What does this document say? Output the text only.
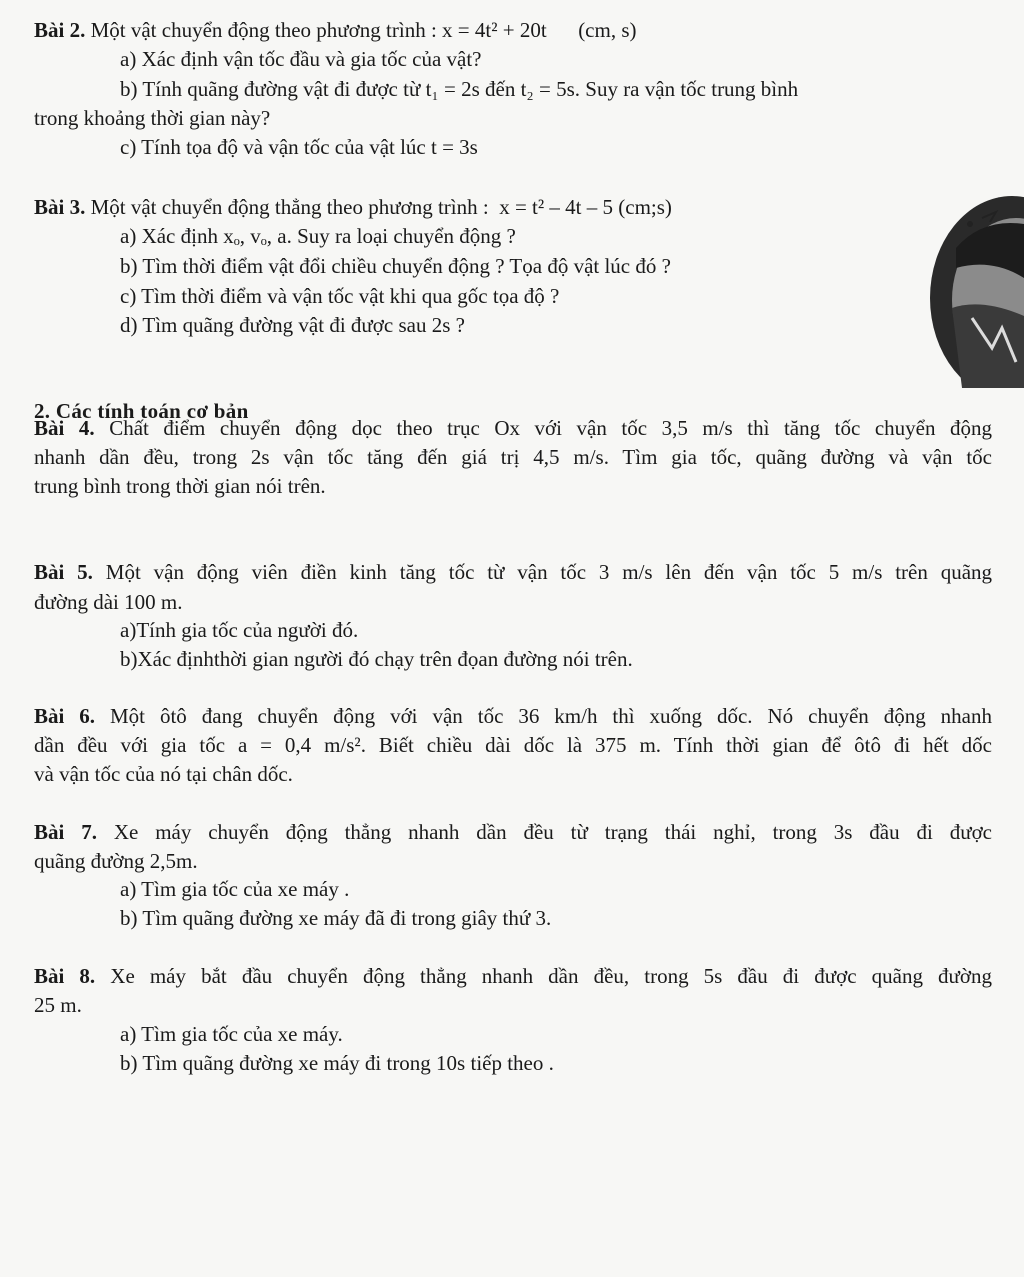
Bài 2. Một vật chuyển động theo phương trình : x = 4t² + 20t      (cm, s)
a) Xác định vận tốc đầu và gia tốc của vật?
b) Tính quãng đường vật đi được từ t₁ = 2s đến t₂ = 5s. Suy ra vận tốc trung bình
trong khoảng thời gian này?
c) Tính tọa độ và vận tốc của vật lúc t = 3s
Bài 3. Một vật chuyển động thẳng theo phương trình :  x = t² – 4t – 5 (cm;s)
a) Xác định xₒ, vₒ, a. Suy ra loại chuyển động ?
b) Tìm thời điểm vật đổi chiều chuyển động ? Tọa độ vật lúc đó ?
c) Tìm thời điểm và vận tốc vật khi qua gốc tọa độ ?
d) Tìm quãng đường vật đi được sau 2s ?
2. Các tính toán cơ bản
Bài 4. Chất điểm chuyển động dọc theo trục Ox với vận tốc 3,5 m/s thì tăng tốc chuyển động
nhanh dần đều, trong 2s vận tốc tăng đến giá trị 4,5 m/s. Tìm gia tốc, quãng đường và vận tốc
trung bình trong thời gian nói trên.
Bài 5. Một vận động viên điền kinh tăng tốc từ vận tốc 3 m/s lên đến vận tốc 5 m/s trên quãng
đường dài 100 m.
a)Tính gia tốc của người đó.
b)Xác địnhthời gian người đó chạy trên đọan đường nói trên.
Bài 6. Một ôtô đang chuyển động với vận tốc 36 km/h thì xuống dốc. Nó chuyển động nhanh
dần đều với gia tốc a = 0,4 m/s². Biết chiều dài dốc là 375 m. Tính thời gian để ôtô đi hết dốc
và vận tốc của nó tại chân dốc.
Bài 7. Xe máy chuyển động thẳng nhanh dần đều từ trạng thái nghỉ, trong 3s đầu đi được
quãng đường 2,5m.
a) Tìm gia tốc của xe máy .
b) Tìm quãng đường xe máy đã đi trong giây thứ 3.
Bài 8. Xe máy bắt đầu chuyển động thẳng nhanh dần đều, trong 5s đầu đi được quãng đường
25 m.
a) Tìm gia tốc của xe máy.
b) Tìm quãng đường xe máy đi trong 10s tiếp theo .
